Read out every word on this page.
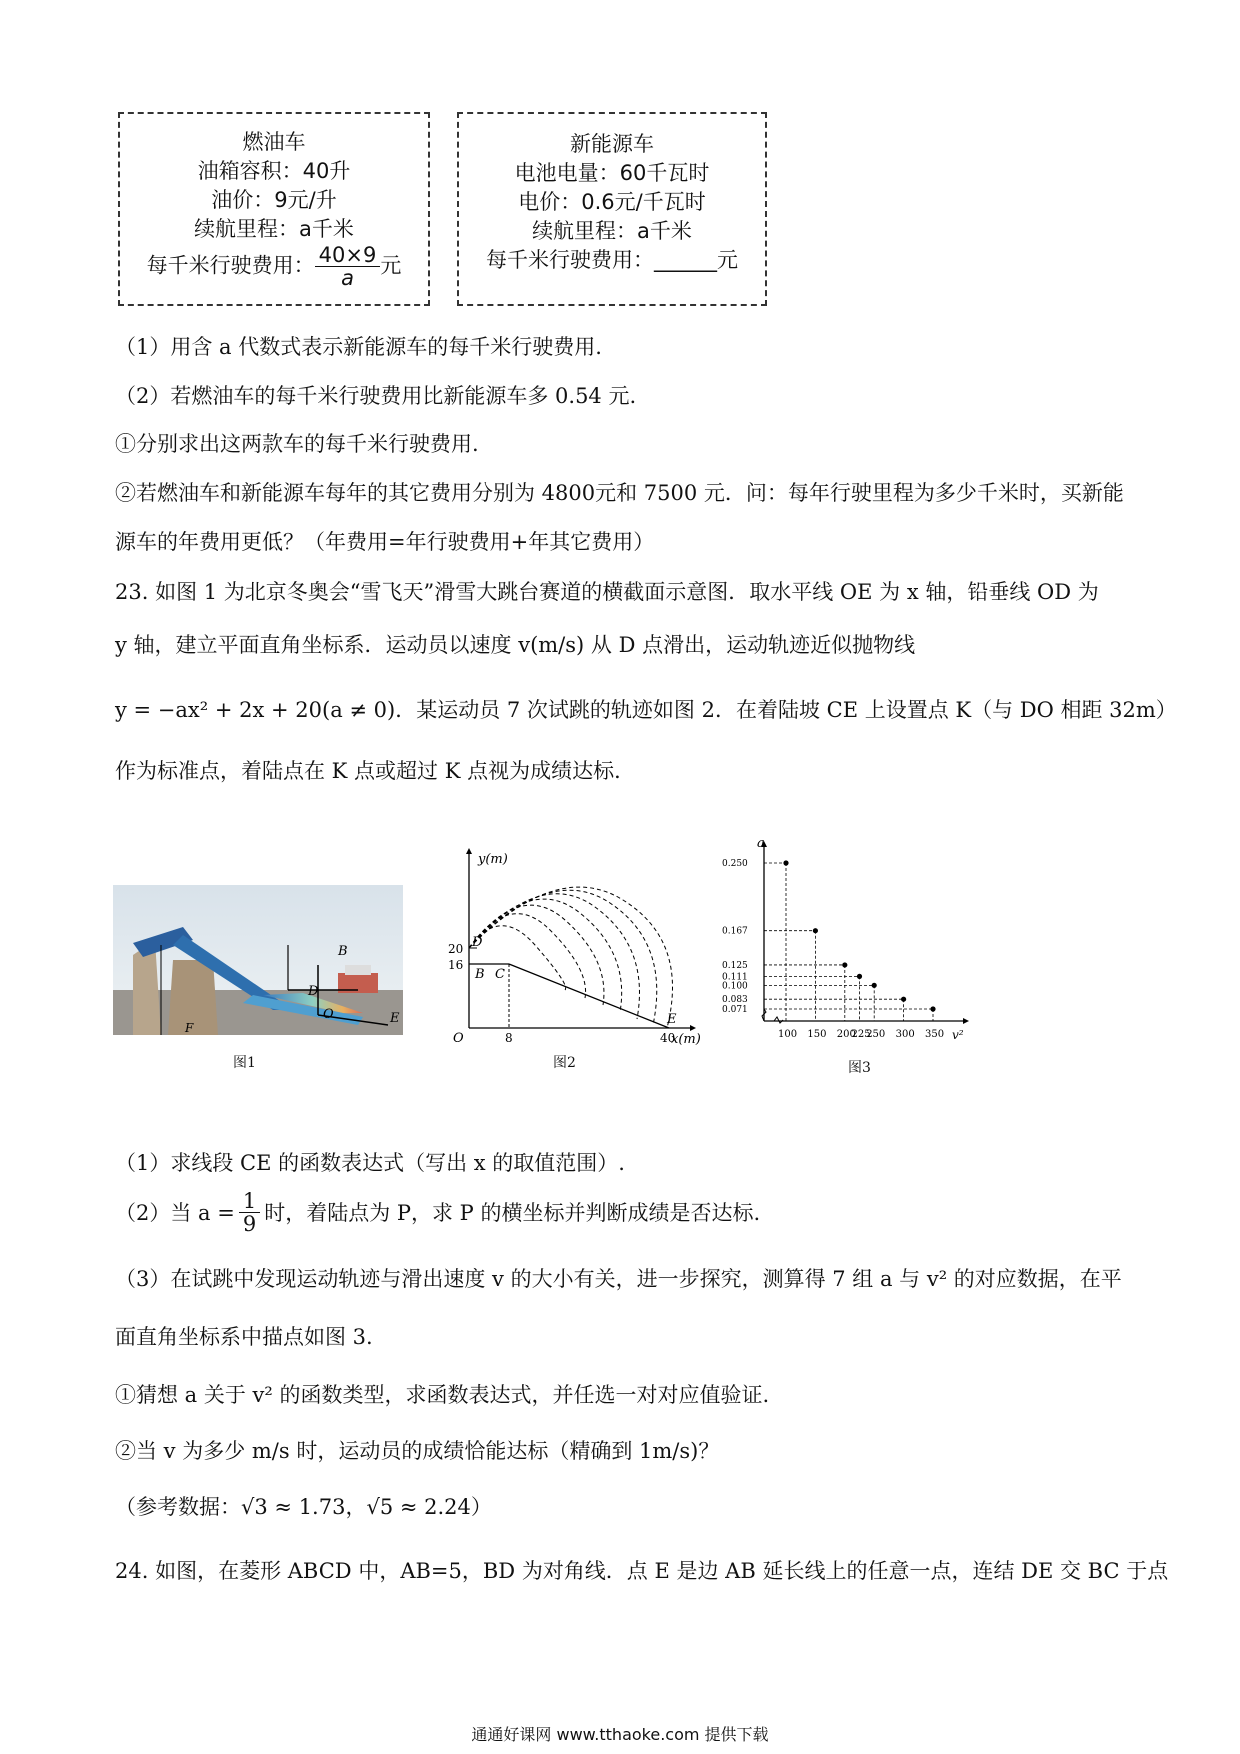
燃油车
油箱容积：40升
油价：9元/升
续航里程：a千米
每千米行驶费用： $\frac{40\times 9}{a}$ 元
新能源车
电池电量：60千瓦时
电价：0.6元/千瓦时
续航里程：a千米
每千米行驶费用：______元
（1）用含 a 代数式表示新能源车的每千米行驶费用.
（2）若燃油车的每千米行驶费用比新能源车多 0.54 元.
①分别求出这两款车的每千米行驶费用.
②若燃油车和新能源车每年的其它费用分别为 4800元和 7500 元．问：每年行驶里程为多少千米时，买新能
源车的年费用更低？（年费用=年行驶费用+年其它费用）
23. 如图 1 为北京冬奥会“雪飞天”滑雪大跳台赛道的横截面示意图．取水平线 OE 为 x 轴，铅垂线 OD 为
y 轴，建立平面直角坐标系．运动员以速度 v(m/s) 从 D 点滑出，运动轨迹近似抛物线
y = −ax² + 2x + 20(a ≠ 0)．某运动员 7 次试跳的轨迹如图 2．在着陆坡 CE 上设置点 K（与 DO 相距 32m）
作为标准点，着陆点在 K 点或超过 K 点视为成绩达标．
D
B
O	E
F
图1
y(m)
x(m)
O
20
16
8	40
D
B C
E
图2
a
v²
0.250
100
0.167
150
0.125
200
0.111
225
0.100
250
0.083
300
0.071
350
图3
（1）求线段 CE 的函数表达式（写出 x 的取值范围）.
（2）当 $a = \frac{1}{9}$ 时，着陆点为 P，求 P 的横坐标并判断成绩是否达标.
（3）在试跳中发现运动轨迹与滑出速度 v 的大小有关，进一步探究，测算得 7 组 a 与 v² 的对应数据，在平
面直角坐标系中描点如图 3.
①猜想 a 关于 v² 的函数类型，求函数表达式，并任选一对对应值验证.
②当 v 为多少 m/s 时，运动员的成绩恰能达标（精确到 1m/s)？
（参考数据：√3 ≈ 1.73，√5 ≈ 2.24）
24. 如图，在菱形 ABCD 中，AB=5，BD 为对角线．点 E 是边 AB 延长线上的任意一点，连结 DE 交 BC 于点
通通好课网 www.tthaoke.com 提供下载
